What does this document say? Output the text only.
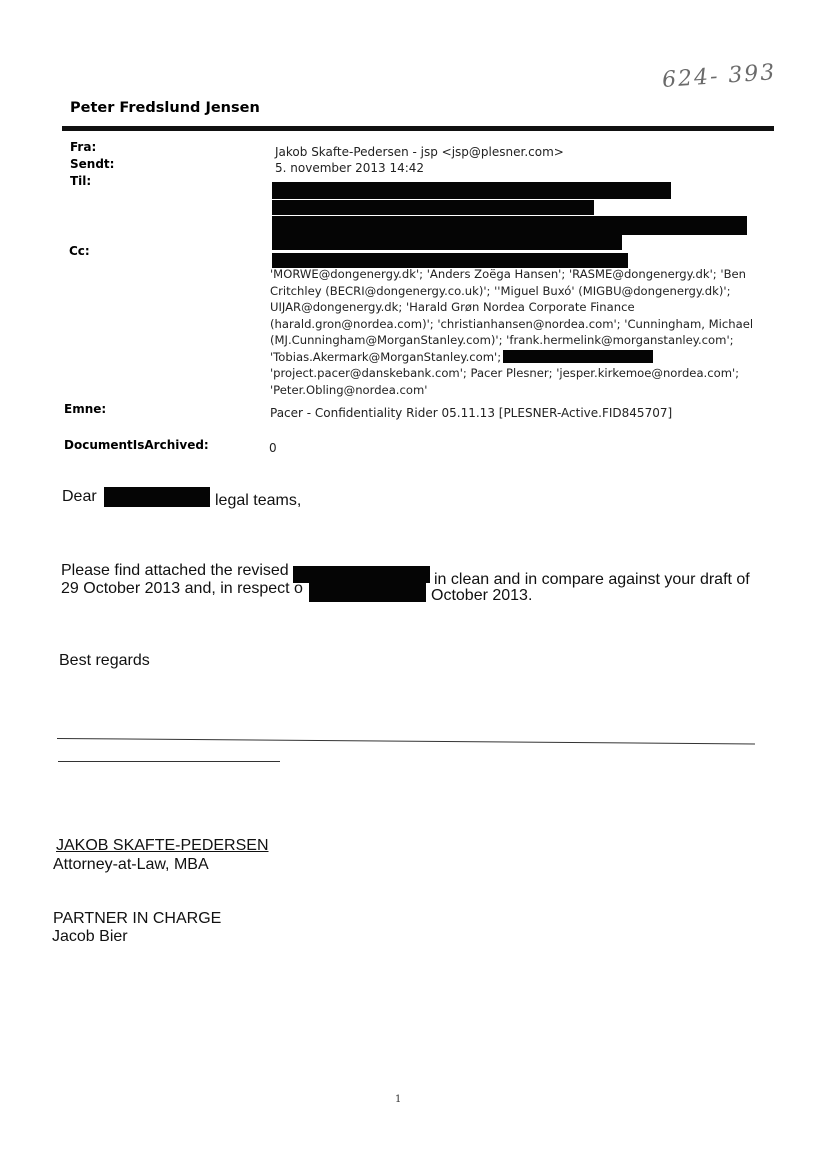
624- 393
Peter Fredslund Jensen
Fra:	Jakob Skafte-Pedersen - jsp <jsp@plesner.com>
Sendt:	5. november 2013 14:42
Til:
Cc:
'MORWE@dongenergy.dk'; 'Anders Zoëga Hansen'; 'RASME@dongenergy.dk'; 'Ben
Critchley (BECRI@dongenergy.co.uk)'; ''Miguel Buxó' (MIGBU@dongenergy.dk)';
UIJAR@dongenergy.dk; 'Harald Grøn Nordea Corporate Finance
(harald.gron@nordea.com)'; 'christianhansen@nordea.com'; 'Cunningham, Michael
(MJ.Cunningham@MorganStanley.com)'; 'frank.hermelink@morganstanley.com';
'Tobias.Akermark@MorganStanley.com';
'project.pacer@danskebank.com'; Pacer Plesner; 'jesper.kirkemoe@nordea.com';
'Peter.Obling@nordea.com'
Emne:	Pacer - Confidentiality Rider 05.11.13 [PLESNER-Active.FID845707]
DocumentIsArchived:	0
Dear	legal teams,
Please find attached the revised
in clean and in compare against your draft of
29 October 2013 and, in respect o	October 2013.
Best regards
JAKOB SKAFTE-PEDERSEN
Attorney-at-Law, MBA
PARTNER IN CHARGE
Jacob Bier
1
